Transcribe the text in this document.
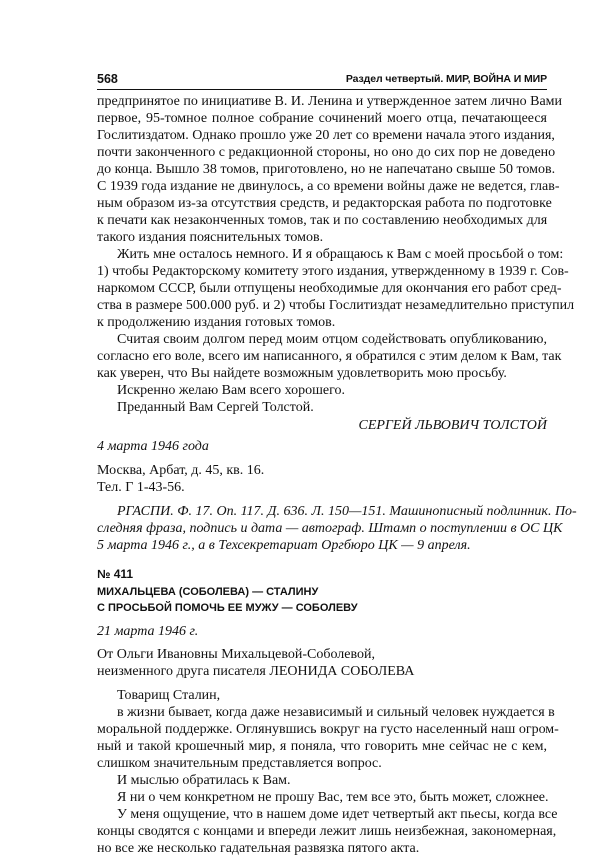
568	Раздел четвертый. МИР, ВОЙНА И МИР
предпринятое по инициативе В. И. Ленина и утвержденное затем лично Вами
первое, 95-томное полное собрание сочинений моего отца, печатающееся
Гослитиздатом. Однако прошло уже 20 лет со времени начала этого издания,
почти законченного с редакционной стороны, но оно до сих пор не доведено
до конца. Вышло 38 томов, приготовлено, но не напечатано свыше 50 томов.
С 1939 года издание не двинулось, а со времени войны даже не ведется, глав-
ным образом из-за отсутствия средств, и редакторская работа по подготовке
к печати как незаконченных томов, так и по составлению необходимых для
такого издания пояснительных томов.
Жить мне осталось немного. И я обращаюсь к Вам с моей просьбой о том:
1) чтобы Редакторскому комитету этого издания, утвержденному в 1939 г. Сов-
наркомом СССР, были отпущены необходимые для окончания его работ сред-
ства в размере 500.000 руб. и 2) чтобы Гослитиздат незамедлительно приступил
к продолжению издания готовых томов.
Считая своим долгом перед моим отцом содействовать опубликованию,
согласно его воле, всего им написанного, я обратился с этим делом к Вам, так
как уверен, что Вы найдете возможным удовлетворить мою просьбу.
Искренно желаю Вам всего хорошего.
Преданный Вам Сергей Толстой.
СЕРГЕЙ ЛЬВОВИЧ ТОЛСТОЙ
4 марта 1946 года
Москва, Арбат, д. 45, кв. 16.
Тел. Г 1-43-56.
РГАСПИ. Ф. 17. Оп. 117. Д. 636. Л. 150—151. Машинописный подлинник. По-
следняя фраза, подпись и дата — автограф. Штамп о поступлении в ОС ЦК
5 марта 1946 г., а в Техсекретариат Оргбюро ЦК — 9 апреля.
№ 411
МИХАЛЬЦЕВА (СОБОЛЕВА) — СТАЛИНУ
С ПРОСЬБОЙ ПОМОЧЬ ЕЕ МУЖУ — СОБОЛЕВУ
21 марта 1946 г.
От Ольги Ивановны Михальцевой-Соболевой,
неизменного друга писателя ЛЕОНИДА СОБОЛЕВА
Товарищ Сталин,
в жизни бывает, когда даже независимый и сильный человек нуждается в
моральной поддержке. Оглянувшись вокруг на густо населенный наш огром-
ный и такой крошечный мир, я поняла, что говорить мне сейчас не с кем,
слишком значительным представляется вопрос.
И мыслью обратилась к Вам.
Я ни о чем конкретном не прошу Вас, тем все это, быть может, сложнее.
У меня ощущение, что в нашем доме идет четвертый акт пьесы, когда все
концы сводятся с концами и впереди лежит лишь неизбежная, закономерная,
но все же несколько гадательная развязка пятого акта.
